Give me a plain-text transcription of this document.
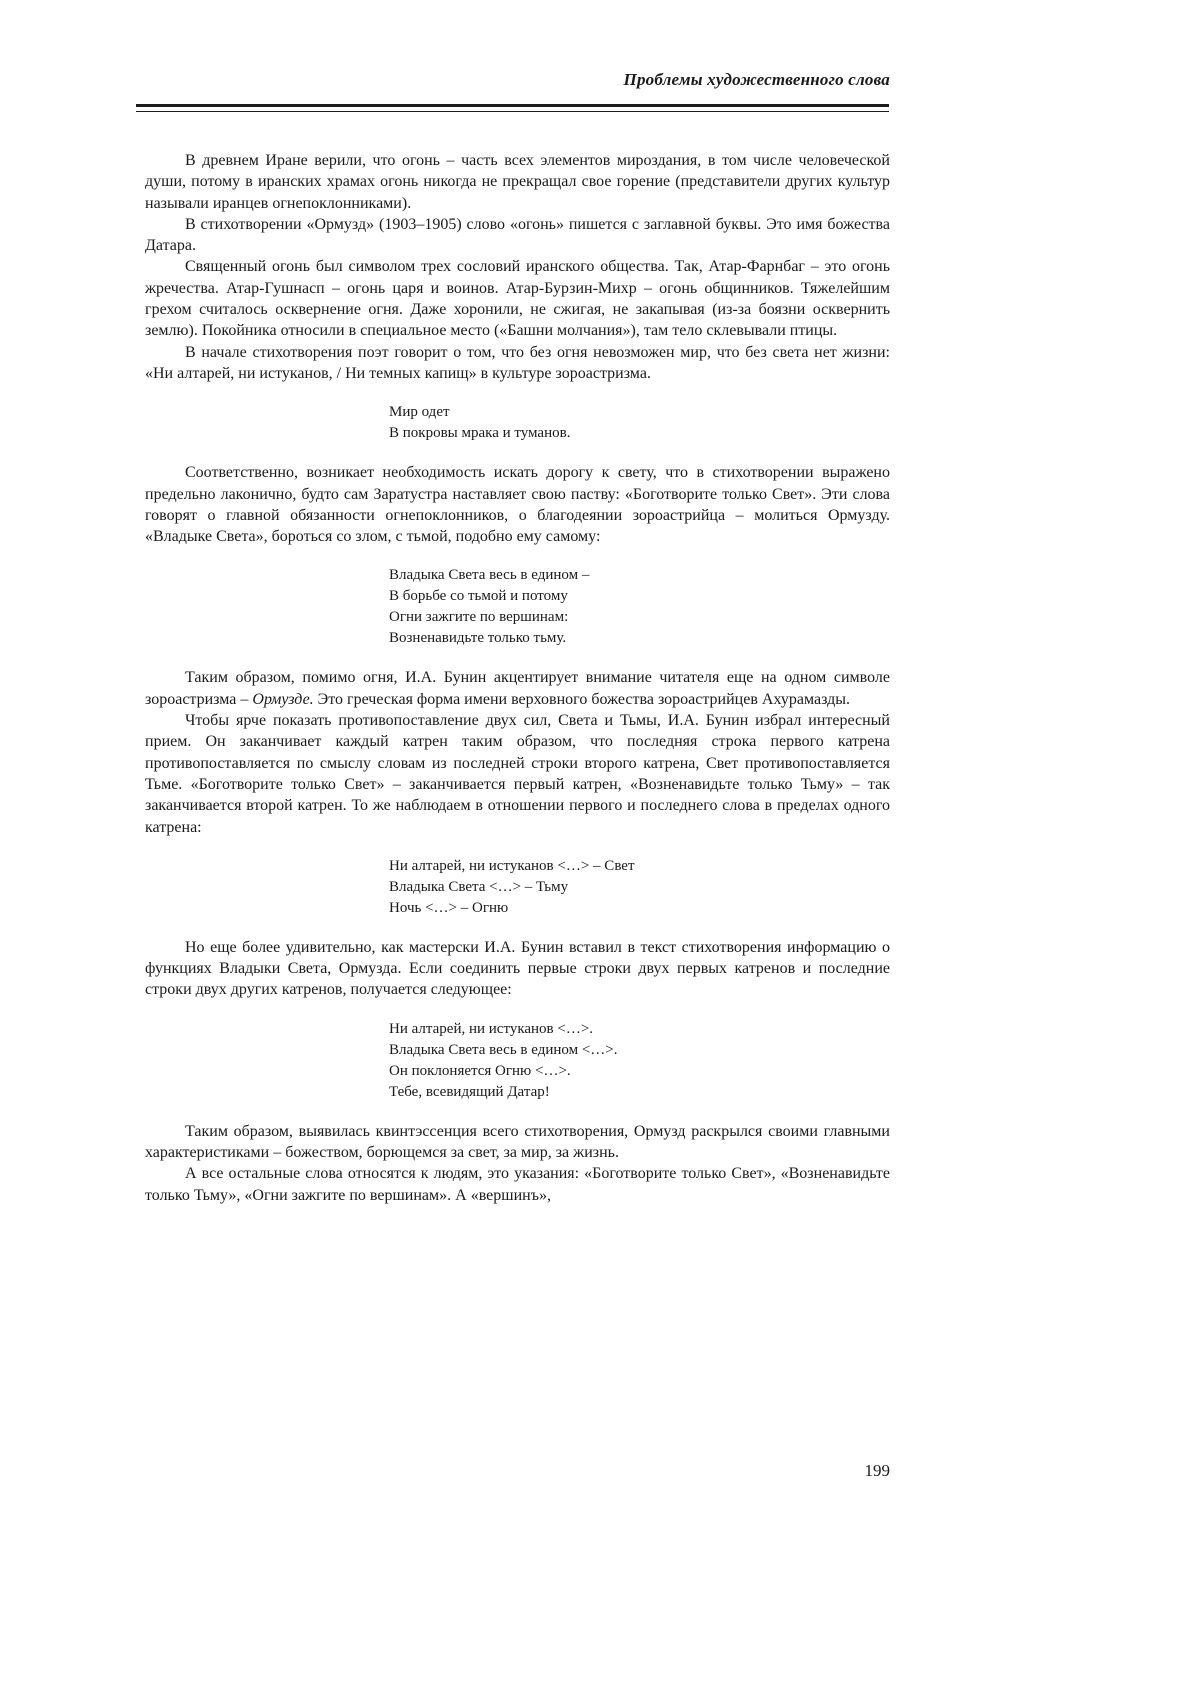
Проблемы художественного слова

В древнем Иране верили, что огонь – часть всех элементов мироздания, в том числе человеческой души, потому в иранских храмах огонь никогда не прекращал свое горение (представители других культур называли иранцев огнепоклонниками).

В стихотворении «Ормузд» (1903–1905) слово «огонь» пишется с заглавной буквы. Это имя божества Датара.

Священный огонь был символом трех сословий иранского общества. Так, Атар-Фарнбаг – это огонь жречества. Атар-Гушнасп – огонь царя и воинов. Атар-Бурзин-Михр – огонь общинников. Тяжелейшим грехом считалось осквернение огня. Даже хоронили, не сжигая, не закапывая (из-за боязни осквернить землю). Покойника относили в специальное место («Башни молчания»), там тело склевывали птицы.

В начале стихотворения поэт говорит о том, что без огня невозможен мир, что без света нет жизни: «Ни алтарей, ни истуканов, / Ни темных капищ» в культуре зороастризма.

Мир одет
В покровы мрака и туманов.

Соответственно, возникает необходимость искать дорогу к свету, что в стихотворении выражено предельно лаконично, будто сам Заратустра наставляет свою паству: «Боготворите только Свет». Эти слова говорят о главной обязанности огнепоклонников, о благодеянии зороастрийца – молиться Ормузду. «Владыке Света», бороться со злом, с тьмой, подобно ему самому:

Владыка Света весь в едином –
В борьбе со тьмой и потому
Огни зажгите по вершинам:
Возненавидьте только тьму.

Таким образом, помимо огня, И.А. Бунин акцентирует внимание читателя еще на одном символе зороастризма – Ормузде. Это греческая форма имени верховного божества зороастрийцев Ахурамазды.

Чтобы ярче показать противопоставление двух сил, Света и Тьмы, И.А. Бунин избрал интересный прием. Он заканчивает каждый катрен таким образом, что последняя строка первого катрена противопоставляется по смыслу словам из последней строки второго катрена, Свет противопоставляется Тьме. «Боготворите только Свет» – заканчивается первый катрен, «Возненавидьте только Тьму» – так заканчивается второй катрен. То же наблюдаем в отношении первого и последнего слова в пределах одного катрена:

Ни алтарей, ни истуканов <…> – Свет
Владыка Света <…> – Тьму
Ночь <…> – Огню

Но еще более удивительно, как мастерски И.А. Бунин вставил в текст стихотворения информацию о функциях Владыки Света, Ормузда. Если соединить первые строки двух первых катренов и последние строки двух других катренов, получается следующее:

Ни алтарей, ни истуканов <…>.
Владыка Света весь в едином <…>.
Он поклоняется Огню <…>.
Тебе, всевидящий Датар!

Таким образом, выявилась квинтэссенция всего стихотворения, Ормузд раскрылся своими главными характеристиками – божеством, борющемся за свет, за мир, за жизнь.

А все остальные слова относятся к людям, это указания: «Боготворите только Свет», «Возненавидьте только Тьму», «Огни зажгите по вершинам». А «вершинъ»,

199
